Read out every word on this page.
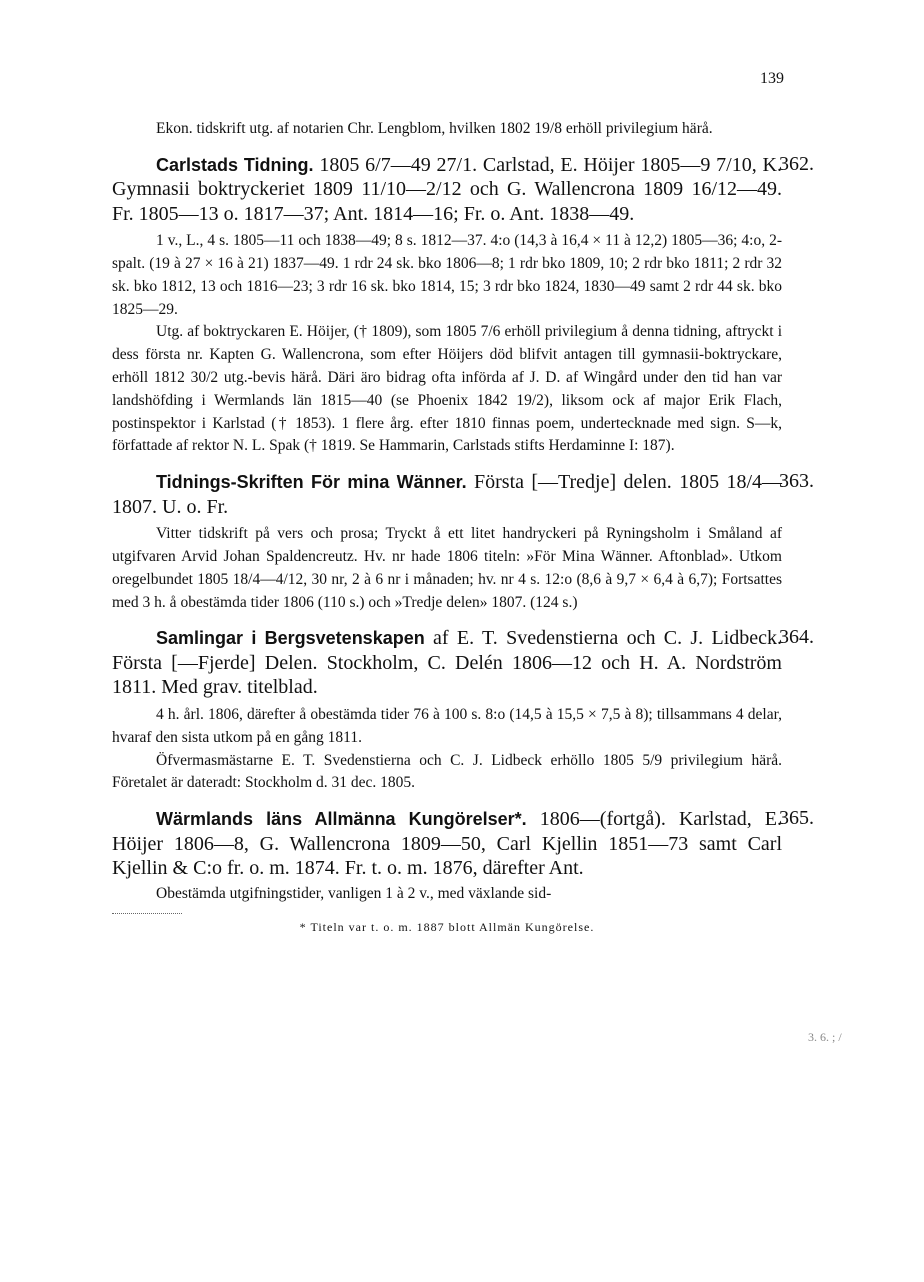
139

Ekon. tidskrift utg. af notarien Chr. Lengblom, hvilken 1802 19/8 erhöll privilegium härå.

362.

Carlstads Tidning. 1805 6/7—49 27/1. Carlstad, E. Höijer 1805—9 7/10, K. Gymnasii boktryckeriet 1809 11/10—2/12 och G. Wallencrona 1809 16/12—49. Fr. 1805—13 o. 1817—37; Ant. 1814—16; Fr. o. Ant. 1838—49.

1 v., L., 4 s. 1805—11 och 1838—49; 8 s. 1812—37. 4:o (14,3 à 16,4 × 11 à 12,2) 1805—36; 4:o, 2-spalt. (19 à 27 × 16 à 21) 1837—49. 1 rdr 24 sk. bko 1806—8; 1 rdr bko 1809, 10; 2 rdr bko 1811; 2 rdr 32 sk. bko 1812, 13 och 1816—23; 3 rdr 16 sk. bko 1814, 15; 3 rdr bko 1824, 1830—49 samt 2 rdr 44 sk. bko 1825—29.

Utg. af boktryckaren E. Höijer, († 1809), som 1805 7/6 erhöll privilegium å denna tidning, aftryckt i dess första nr. Kapten G. Wallencrona, som efter Höijers död blifvit antagen till gymnasii-boktryckare, erhöll 1812 30/2 utg.-bevis härå. Däri äro bidrag ofta införda af J. D. af Wingård under den tid han var landshöfding i Wermlands län 1815—40 (se Phoenix 1842 19/2), liksom ock af major Erik Flach, postinspektor i Karlstad († 1853). 1 flere årg. efter 1810 finnas poem, undertecknade med sign. S—k, författade af rektor N. L. Spak († 1819. Se Hammarin, Carlstads stifts Herdaminne I: 187).

363.

Tidnings-Skriften För mina Wänner. Första [—Tredje] delen. 1805 18/4—1807. U. o. Fr.

Vitter tidskrift på vers och prosa; Tryckt å ett litet handryckeri på Ryningsholm i Småland af utgifvaren Arvid Johan Spaldencreutz. Hv. nr hade 1806 titeln: »För Mina Wänner. Aftonblad». Utkom oregelbundet 1805 18/4—4/12, 30 nr, 2 à 6 nr i månaden; hv. nr 4 s. 12:o (8,6 à 9,7 × 6,4 à 6,7); Fortsattes med 3 h. å obestämda tider 1806 (110 s.) och »Tredje delen» 1807. (124 s.)

364.

Samlingar i Bergsvetenskapen af E. T. Svedenstierna och C. J. Lidbeck. Första [—Fjerde] Delen. Stockholm, C. Delén 1806—12 och H. A. Nordström 1811. Med grav. titelblad.

4 h. årl. 1806, därefter å obestämda tider 76 à 100 s. 8:o (14,5 à 15,5 × 7,5 à 8); tillsammans 4 delar, hvaraf den sista utkom på en gång 1811.

Öfvermasmästarne E. T. Svedenstierna och C. J. Lidbeck erhöllo 1805 5/9 privilegium härå. Företalet är dateradt: Stockholm d. 31 dec. 1805.

365.

Wärmlands läns Allmänna Kungörelser*. 1806—(fortgå). Karlstad, E. Höijer 1806—8, G. Wallencrona 1809—50, Carl Kjellin 1851—73 samt Carl Kjellin & C:o fr. o. m. 1874. Fr. t. o. m. 1876, därefter Ant.

Obestämda utgifningstider, vanligen 1 à 2 v., med växlande sid-

* Titeln var t. o. m. 1887 blott Allmän Kungörelse.

3. 6. ; /
